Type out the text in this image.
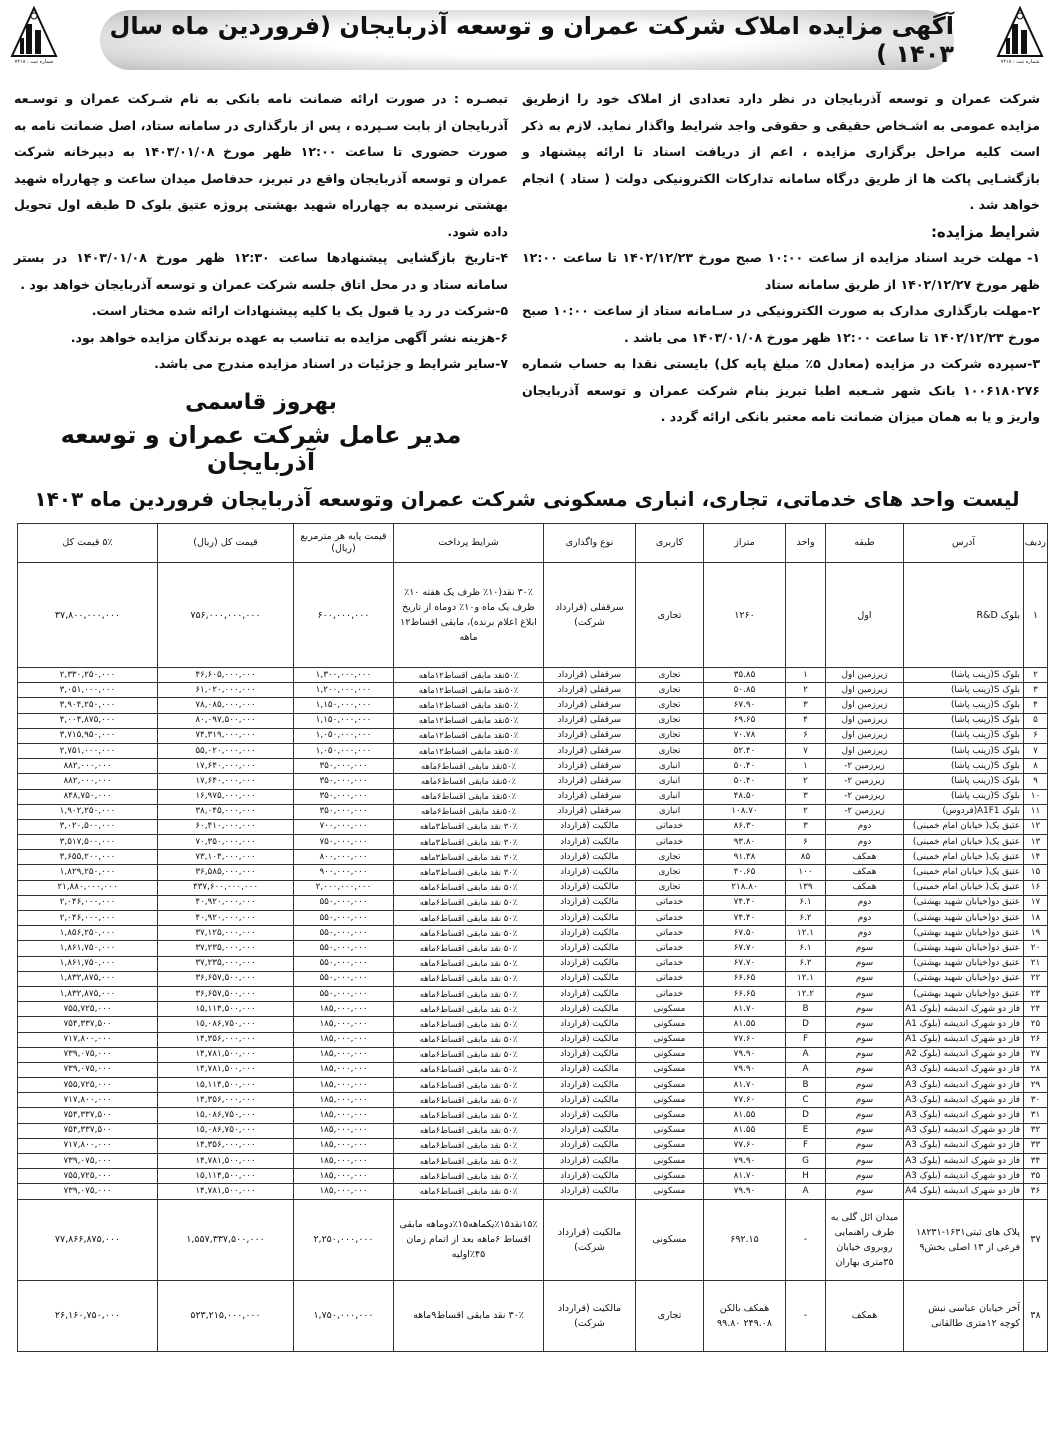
شماره ثبت : ۷۲۱۸
شماره ثبت : ۷۲۱۸
آگهی مزایده املاک شرکت عمران و توسعه آذربایجان (فروردین ماه سال ۱۴۰۳ )

شرکت عمران و توسعه آذربایجان در نظر دارد تعدادی از املاک خود را ازطریق مزایده عمومی به اشـخاص حقیقی و حقوقی واجد شرایط واگذار نماید. لازم به ذکر است کلیه مراحل برگزاری مزایده ، اعم از دریافت اسناد تا ارائه پیشنهاد و بازگشـایی پاکت ها از طریق درگاه سامانه تدارکات الکترونیکی دولت ( ستاد ) انجام خواهد شد .

شرایط مزایده:

۱- مهلت خرید اسناد مزایده از ساعت ۱۰:۰۰ صبح مورخ ۱۴۰۲/۱۲/۲۳ تا ساعت ۱۲:۰۰ ظهر مورخ ۱۴۰۲/۱۲/۲۷ از طریق سامانه ستاد

۲-مهلت بارگذاری مدارک به صورت الکترونیکی در سـامانه ستاد از ساعت ۱۰:۰۰ صبح مورخ ۱۴۰۲/۱۲/۲۳ تا ساعت ۱۲:۰۰ ظهر مورخ ۱۴۰۳/۰۱/۰۸ می باشد .

۳-سپرده شرکت در مزایده (معادل ۵٪ مبلغ پایه کل) بایستی نقدا به حساب شماره ۱۰۰۶۱۸۰۲۷۶ بانک شهر شـعبه اطبا تبریز بنام شرکت عمران و توسعه آذربایجان واریز و یا به همان میزان ضمانت نامه معتبر بانکی ارائه گردد .

تبصـره : در صورت ارائه ضمانت نامه بانکی به نام شـرکت عمران و توسـعه آذربایجان از بابت سـپرده ، پس از بارگذاری در سامانه ستاد، اصل ضمانت نامه به صورت حضوری تا ساعت ۱۲:۰۰ ظهر مورخ ۱۴۰۳/۰۱/۰۸ به دبیرخانه شرکت عمران و توسعه آذربایجان واقع در تبریز، حدفاصل میدان ساعت و چهارراه شهید بهشتی نرسیده به چهارراه شهید بهشتی پروژه عتیق بلوک D طبقه اول تحویل داده شود.

۴-تاریخ بازگشایی پیشنهادها ساعت ۱۲:۳۰ ظهر مورخ ۱۴۰۳/۰۱/۰۸ در بستر سامانه ستاد و در محل اتاق جلسه شرکت عمران و توسعه آذربایجان خواهد بود .

۵-شرکت در رد یا قبول یک یا کلیه پیشنهادات ارائه شده مختار است.

۶-هزینه نشر آگهی مزایده به تناسب به عهده برندگان مزایده خواهد بود.

۷-سایر شرایط و جزئیات در اسناد مزایده مندرج می باشد.

بهروز قاسمی
مدیر عامل شرکت عمران و توسعه آذربایجان
لیست واحد های خدماتی، تجاری، انباری مسکونی شرکت عمران وتوسعه آذربایجان فروردین ماه ۱۴۰۳
ردیف	آدرس	طبقه	واحد	متراژ	کاربری	نوع واگذاری	شرایط پرداخت	قیمت پایه هر مترمربع (ریال)	قیمت کل (ریال)	۵٪ قیمت کل
۱	بلوک R&D	اول		۱۲۶۰	تجاری	سرقفلی (قرارداد شرکت)	۳۰٪ نقد(۱۰٪ ظرف یک هفته ۱۰٪ ظرف یک ماه و۱۰٪ دوماه از تاریخ ابلاغ اعلام برنده)، مابقی اقساط۱۲ ماهه	۶۰۰,۰۰۰,۰۰۰	۷۵۶,۰۰۰,۰۰۰,۰۰۰	۳۷,۸۰۰,۰۰۰,۰۰۰
۲	بلوک S(زینب پاشا)	زیرزمین اول	۱	۳۵.۸۵	تجاری	سرقفلی (قرارداد	۵۰٪نقد مابقی اقساط۱۲ماهه	۱,۳۰۰,۰۰۰,۰۰۰	۴۶,۶۰۵,۰۰۰,۰۰۰	۲,۳۳۰,۲۵۰,۰۰۰
۳	بلوک S(زینب پاشا)	زیرزمین اول	۲	۵۰.۸۵	تجاری	سرقفلی (قرارداد	۵۰٪نقد مابقی اقساط۱۲ماهه	۱,۲۰۰,۰۰۰,۰۰۰	۶۱,۰۲۰,۰۰۰,۰۰۰	۳,۰۵۱,۰۰۰,۰۰۰
۴	بلوک S(زینب پاشا)	زیرزمین اول	۳	۶۷.۹۰	تجاری	سرقفلی (قرارداد	۵۰٪نقد مابقی اقساط۱۲ماهه	۱,۱۵۰,۰۰۰,۰۰۰	۷۸,۰۸۵,۰۰۰,۰۰۰	۳,۹۰۴,۲۵۰,۰۰۰
۵	بلوک S(زینب پاشا)	زیرزمین اول	۴	۶۹.۶۵	تجاری	سرقفلی (قرارداد	۵۰٪نقد مابقی اقساط۱۲ماهه	۱,۱۵۰,۰۰۰,۰۰۰	۸۰,۰۹۷,۵۰۰,۰۰۰	۴,۰۰۴,۸۷۵,۰۰۰
۶	بلوک S(زینب پاشا)	زیرزمین اول	۶	۷۰.۷۸	تجاری	سرقفلی (قرارداد	۵۰٪نقد مابقی اقساط۱۲ماهه	۱,۰۵۰,۰۰۰,۰۰۰	۷۴,۳۱۹,۰۰۰,۰۰۰	۳,۷۱۵,۹۵۰,۰۰۰
۷	بلوک S(زینب پاشا)	زیرزمین اول	۷	۵۲.۴۰	تجاری	سرقفلی (قرارداد	۵۰٪نقد مابقی اقساط۱۲ماهه	۱,۰۵۰,۰۰۰,۰۰۰	۵۵,۰۲۰,۰۰۰,۰۰۰	۲,۷۵۱,۰۰۰,۰۰۰
۸	بلوک S(زینب پاشا)	زیرزمین ۲-	۱	۵۰.۴۰	انباری	سرقفلی (قرارداد	۵۰٪نقد مابقی اقساط۶ماهه	۳۵۰,۰۰۰,۰۰۰	۱۷,۶۴۰,۰۰۰,۰۰۰	۸۸۲,۰۰۰,۰۰۰
۹	بلوک S(زینب پاشا)	زیرزمین ۲-	۲	۵۰.۴۰	انباری	سرقفلی (قرارداد	۵۰٪نقد مابقی اقساط۶ماهه	۳۵۰,۰۰۰,۰۰۰	۱۷,۶۴۰,۰۰۰,۰۰۰	۸۸۲,۰۰۰,۰۰۰
۱۰	بلوک S(زینب پاشا)	زیرزمین ۲-	۳	۴۸.۵۰	انباری	سرقفلی (قرارداد	۵۰٪نقد مابقی اقساط۶ماهه	۳۵۰,۰۰۰,۰۰۰	۱۶,۹۷۵,۰۰۰,۰۰۰	۸۴۸,۷۵۰,۰۰۰
۱۱	بلوک A1F1(فردوس)	زیرزمین ۲-	۲	۱۰۸.۷۰	انباری	سرقفلی (قرارداد	۵۰٪نقد مابقی اقساط۶ماهه	۳۵۰,۰۰۰,۰۰۰	۳۸,۰۴۵,۰۰۰,۰۰۰	۱,۹۰۲,۲۵۰,۰۰۰
۱۲	عتیق یک( خیابان امام خمینی)	دوم	۳	۸۶.۳۰	خدماتی	مالکیت (قرارداد	۳۰٪ نقد مابقی اقساط۳ماهه	۷۰۰,۰۰۰,۰۰۰	۶۰,۴۱۰,۰۰۰,۰۰۰	۳,۰۲۰,۵۰۰,۰۰۰
۱۳	عتیق یک( خیابان امام خمینی)	دوم	۶	۹۳.۸۰	خدماتی	مالکیت (قرارداد	۳۰٪ نقد مابقی اقساط۳ماهه	۷۵۰,۰۰۰,۰۰۰	۷۰,۳۵۰,۰۰۰,۰۰۰	۳,۵۱۷,۵۰۰,۰۰۰
۱۴	عتیق یک( خیابان امام خمینی)	همکف	۸۵	۹۱.۳۸	تجاری	مالکیت (قرارداد	۳۰٪ نقد مابقی اقساط۳ماهه	۸۰۰,۰۰۰,۰۰۰	۷۳,۱۰۴,۰۰۰,۰۰۰	۳,۶۵۵,۲۰۰,۰۰۰
۱۵	عتیق یک( خیابان امام خمینی)	همکف	۱۰۰	۴۰.۶۵	تجاری	مالکیت (قرارداد	۳۰٪ نقد مابقی اقساط۳ماهه	۹۰۰,۰۰۰,۰۰۰	۳۶,۵۸۵,۰۰۰,۰۰۰	۱,۸۲۹,۲۵۰,۰۰۰
۱۶	عتیق یک( خیابان امام خمینی)	همکف	۱۳۹	۲۱۸.۸۰	تجاری	مالکیت (قرارداد	۵۰٪ نقد مابقی اقساط۶ماهه	۲,۰۰۰,۰۰۰,۰۰۰	۴۳۷,۶۰۰,۰۰۰,۰۰۰	۲۱,۸۸۰,۰۰۰,۰۰۰
۱۷	عتیق دو(خیابان شهید بهشتی)	دوم	۶.۱	۷۴.۴۰	خدماتی	مالکیت (قرارداد	۵۰٪ نقد مابقی اقساط۶ماهه	۵۵۰,۰۰۰,۰۰۰	۴۰,۹۲۰,۰۰۰,۰۰۰	۲,۰۴۶,۰۰۰,۰۰۰
۱۸	عتیق دو(خیابان شهید بهشتی)	دوم	۶.۲	۷۴.۴۰	خدماتی	مالکیت (قرارداد	۵۰٪ نقد مابقی اقساط۶ماهه	۵۵۰,۰۰۰,۰۰۰	۴۰,۹۲۰,۰۰۰,۰۰۰	۲,۰۴۶,۰۰۰,۰۰۰
۱۹	عتیق دو(خیابان شهید بهشتی)	دوم	۱۲.۱	۶۷.۵۰	خدماتی	مالکیت (قرارداد	۵۰٪ نقد مابقی اقساط۶ماهه	۵۵۰,۰۰۰,۰۰۰	۳۷,۱۲۵,۰۰۰,۰۰۰	۱,۸۵۶,۲۵۰,۰۰۰
۲۰	عتیق دو(خیابان شهید بهشتی)	سوم	۶.۱	۶۷.۷۰	خدماتی	مالکیت (قرارداد	۵۰٪ نقد مابقی اقساط۶ماهه	۵۵۰,۰۰۰,۰۰۰	۳۷,۲۳۵,۰۰۰,۰۰۰	۱,۸۶۱,۷۵۰,۰۰۰
۲۱	عتیق دو(خیابان شهید بهشتی)	سوم	۶.۲	۶۷.۷۰	خدماتی	مالکیت (قرارداد	۵۰٪ نقد مابقی اقساط۶ماهه	۵۵۰,۰۰۰,۰۰۰	۳۷,۲۳۵,۰۰۰,۰۰۰	۱,۸۶۱,۷۵۰,۰۰۰
۲۲	عتیق دو(خیابان شهید بهشتی)	سوم	۱۲.۱	۶۶.۶۵	خدماتی	مالکیت (قرارداد	۵۰٪ نقد مابقی اقساط۶ماهه	۵۵۰,۰۰۰,۰۰۰	۳۶,۶۵۷,۵۰۰,۰۰۰	۱,۸۳۲,۸۷۵,۰۰۰
۲۳	عتیق دو(خیابان شهید بهشتی)	سوم	۱۲.۲	۶۶.۶۵	خدماتی	مالکیت (قرارداد	۵۰٪ نقد مابقی اقساط۶ماهه	۵۵۰,۰۰۰,۰۰۰	۳۶,۶۵۷,۵۰۰,۰۰۰	۱,۸۳۲,۸۷۵,۰۰۰
۲۴	فاز دو شهرک اندیشه (بلوک A1	سوم	B	۸۱.۷۰	مسکونی	مالکیت (قرارداد	۵۰٪ نقد مابقی اقساط۶ماهه	۱۸۵,۰۰۰,۰۰۰	۱۵,۱۱۴,۵۰۰,۰۰۰	۷۵۵,۷۲۵,۰۰۰
۲۵	فاز دو شهرک اندیشه (بلوک A1	سوم	D	۸۱.۵۵	مسکونی	مالکیت (قرارداد	۵۰٪ نقد مابقی اقساط۶ماهه	۱۸۵,۰۰۰,۰۰۰	۱۵,۰۸۶,۷۵۰,۰۰۰	۷۵۴,۳۳۷,۵۰۰
۲۶	فاز دو شهرک اندیشه (بلوک A1	سوم	F	۷۷.۶۰	مسکونی	مالکیت (قرارداد	۵۰٪ نقد مابقی اقساط۶ماهه	۱۸۵,۰۰۰,۰۰۰	۱۴,۳۵۶,۰۰۰,۰۰۰	۷۱۷,۸۰۰,۰۰۰
۲۷	فاز دو شهرک اندیشه (بلوک A2	سوم	A	۷۹.۹۰	مسکونی	مالکیت (قرارداد	۵۰٪ نقد مابقی اقساط۶ماهه	۱۸۵,۰۰۰,۰۰۰	۱۴,۷۸۱,۵۰۰,۰۰۰	۷۳۹,۰۷۵,۰۰۰
۲۸	فاز دو شهرک اندیشه (بلوک A3	سوم	A	۷۹.۹۰	مسکونی	مالکیت (قرارداد	۵۰٪ نقد مابقی اقساط۶ماهه	۱۸۵,۰۰۰,۰۰۰	۱۴,۷۸۱,۵۰۰,۰۰۰	۷۳۹,۰۷۵,۰۰۰
۲۹	فاز دو شهرک اندیشه (بلوک A3	سوم	B	۸۱.۷۰	مسکونی	مالکیت (قرارداد	۵۰٪ نقد مابقی اقساط۶ماهه	۱۸۵,۰۰۰,۰۰۰	۱۵,۱۱۴,۵۰۰,۰۰۰	۷۵۵,۷۲۵,۰۰۰
۳۰	فاز دو شهرک اندیشه (بلوک A3	سوم	C	۷۷.۶۰	مسکونی	مالکیت (قرارداد	۵۰٪ نقد مابقی اقساط۶ماهه	۱۸۵,۰۰۰,۰۰۰	۱۴,۳۵۶,۰۰۰,۰۰۰	۷۱۷,۸۰۰,۰۰۰
۳۱	فاز دو شهرک اندیشه (بلوک A3	سوم	D	۸۱.۵۵	مسکونی	مالکیت (قرارداد	۵۰٪ نقد مابقی اقساط۶ماهه	۱۸۵,۰۰۰,۰۰۰	۱۵,۰۸۶,۷۵۰,۰۰۰	۷۵۴,۳۳۷,۵۰۰
۳۲	فاز دو شهرک اندیشه (بلوک A3	سوم	E	۸۱.۵۵	مسکونی	مالکیت (قرارداد	۵۰٪ نقد مابقی اقساط۶ماهه	۱۸۵,۰۰۰,۰۰۰	۱۵,۰۸۶,۷۵۰,۰۰۰	۷۵۴,۳۳۷,۵۰۰
۳۳	فاز دو شهرک اندیشه (بلوک A3	سوم	F	۷۷.۶۰	مسکونی	مالکیت (قرارداد	۵۰٪ نقد مابقی اقساط۶ماهه	۱۸۵,۰۰۰,۰۰۰	۱۴,۳۵۶,۰۰۰,۰۰۰	۷۱۷,۸۰۰,۰۰۰
۳۴	فاز دو شهرک اندیشه (بلوک A3	سوم	G	۷۹.۹۰	مسکونی	مالکیت (قرارداد	۵۰٪ نقد مابقی اقساط۶ماهه	۱۸۵,۰۰۰,۰۰۰	۱۴,۷۸۱,۵۰۰,۰۰۰	۷۳۹,۰۷۵,۰۰۰
۳۵	فاز دو شهرک اندیشه (بلوک A3	سوم	H	۸۱.۷۰	مسکونی	مالکیت (قرارداد	۵۰٪ نقد مابقی اقساط۶ماهه	۱۸۵,۰۰۰,۰۰۰	۱۵,۱۱۴,۵۰۰,۰۰۰	۷۵۵,۷۲۵,۰۰۰
۳۶	فاز دو شهرک اندیشه (بلوک A4	سوم	A	۷۹.۹۰	مسکونی	مالکیت (قرارداد	۵۰٪ نقد مابقی اقساط۶ماهه	۱۸۵,۰۰۰,۰۰۰	۱۴,۷۸۱,۵۰۰,۰۰۰	۷۳۹,۰۷۵,۰۰۰
۳۷	پلاک های ثبتی۱۶۳۱-۱۸۲۳۱ فرعی از ۱۳ اصلی بخش۹	میدان ائل گلی به طرف راهنمایی روبروی خیابان ۳۵متری بهاران	-	۶۹۲.۱۵	مسکونی	مالکیت (قرارداد شرکت)	۱۵٪نقد۱۵٪یکماهه۱۵٪دوماهه مابقی اقساط ۶ماهه بعد از اتمام زمان ۴۵٪اولیه	۲,۲۵۰,۰۰۰,۰۰۰	۱,۵۵۷,۳۳۷,۵۰۰,۰۰۰	۷۷,۸۶۶,۸۷۵,۰۰۰
۳۸	آخر خیابان عباسی نبش کوچه ۱۲متری طالقانی	همکف	-	همکف بالکن ۲۴۹.۰۸ ۹۹.۸۰	تجاری	مالکیت (قرارداد شرکت)	۳۰٪ نقد مابقی اقساط۹ماهه	۱,۷۵۰,۰۰۰,۰۰۰	۵۲۳,۲۱۵,۰۰۰,۰۰۰	۲۶,۱۶۰,۷۵۰,۰۰۰
